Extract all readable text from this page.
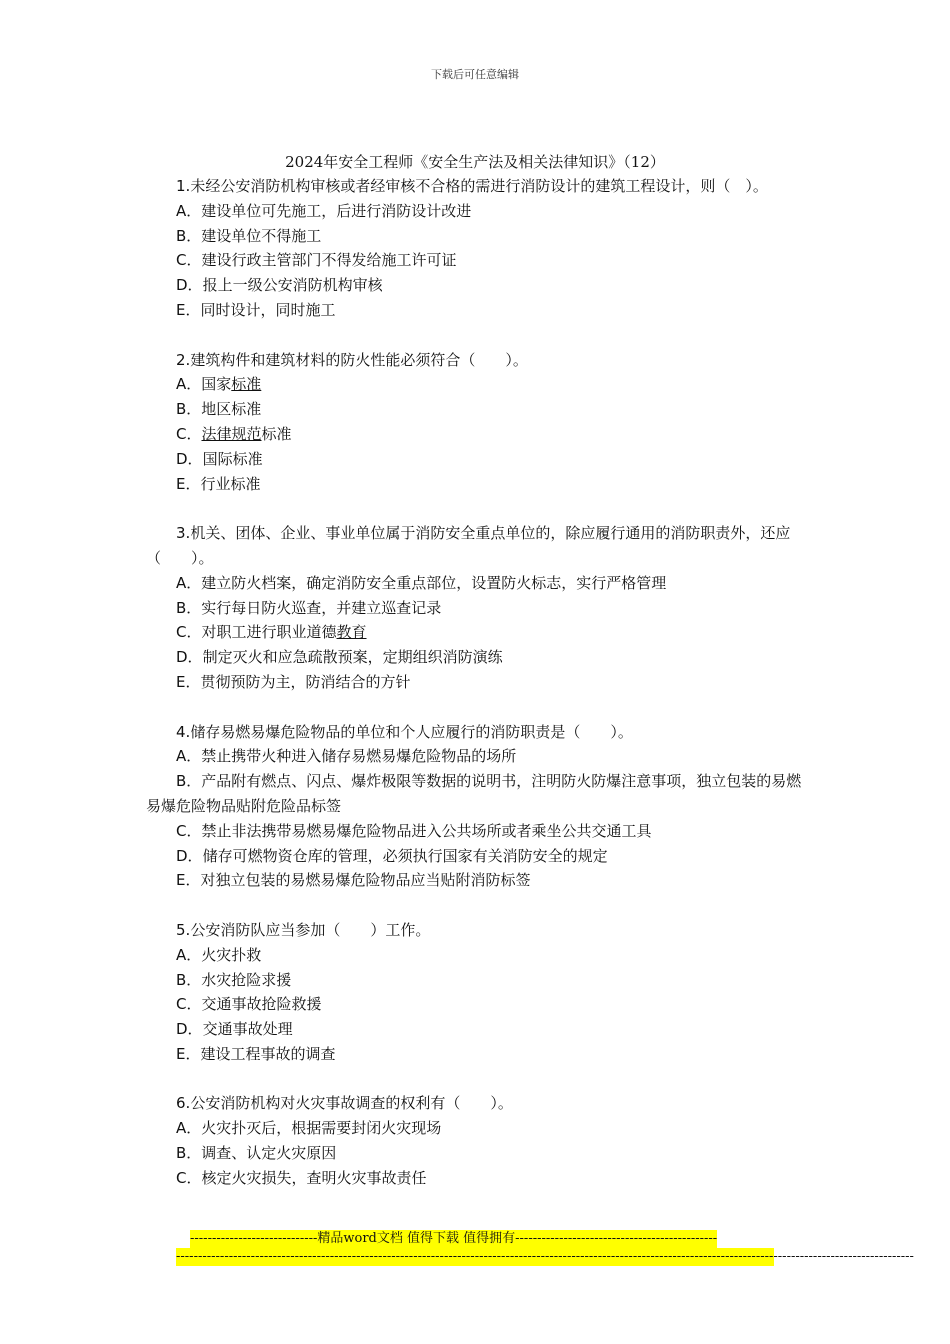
下载后可任意编辑
2024年安全工程师《安全生产法及相关法律知识》（12）

1.未经公安消防机构审核或者经审核不合格的需进行消防设计的建筑工程设计，则（　）。

A．建设单位可先施工，后进行消防设计改进

B．建设单位不得施工

C．建设行政主管部门不得发给施工许可证

D．报上一级公安消防机构审核

E．同时设计，同时施工

2.建筑构件和建筑材料的防火性能必须符合（　　）。

A．国家标准

B．地区标准

C．法律规范标准

D．国际标准

E．行业标准

3.机关、团体、企业、事业单位属于消防安全重点单位的，除应履行通用的消防职责外，还应（　　）。

A．建立防火档案，确定消防安全重点部位，设置防火标志，实行严格管理

B．实行每日防火巡查，并建立巡查记录

C．对职工进行职业道德教育

D．制定灭火和应急疏散预案，定期组织消防演练

E．贯彻预防为主，防消结合的方针

4.储存易燃易爆危险物品的单位和个人应履行的消防职责是（　　）。

A．禁止携带火种进入储存易燃易爆危险物品的场所

B．产品附有燃点、闪点、爆炸极限等数据的说明书，注明防火防爆注意事项，独立包装的易燃易爆危险物品贴附危险品标签

C．禁止非法携带易燃易爆危险物品进入公共场所或者乘坐公共交通工具

D．储存可燃物资仓库的管理，必须执行国家有关消防安全的规定

E．对独立包装的易燃易爆危险物品应当贴附消防标签

5.公安消防队应当参加（　　）工作。

A．火灾扑救

B．水灾抢险求援

C．交通事故抢险救援

D．交通事故处理

E．建设工程事故的调查

6.公安消防机构对火灾事故调查的权利有（　　）。

A．火灾扑灭后，根据需要封闭火灾现场

B．调查、认定火灾原因

C．核定火灾损失，查明火灾事故责任

-----------------------------精品word文档 值得下载 值得拥有----------------------------------------------
------------------------------------------------------------------------------------------------------------------------------------------------------------------------
